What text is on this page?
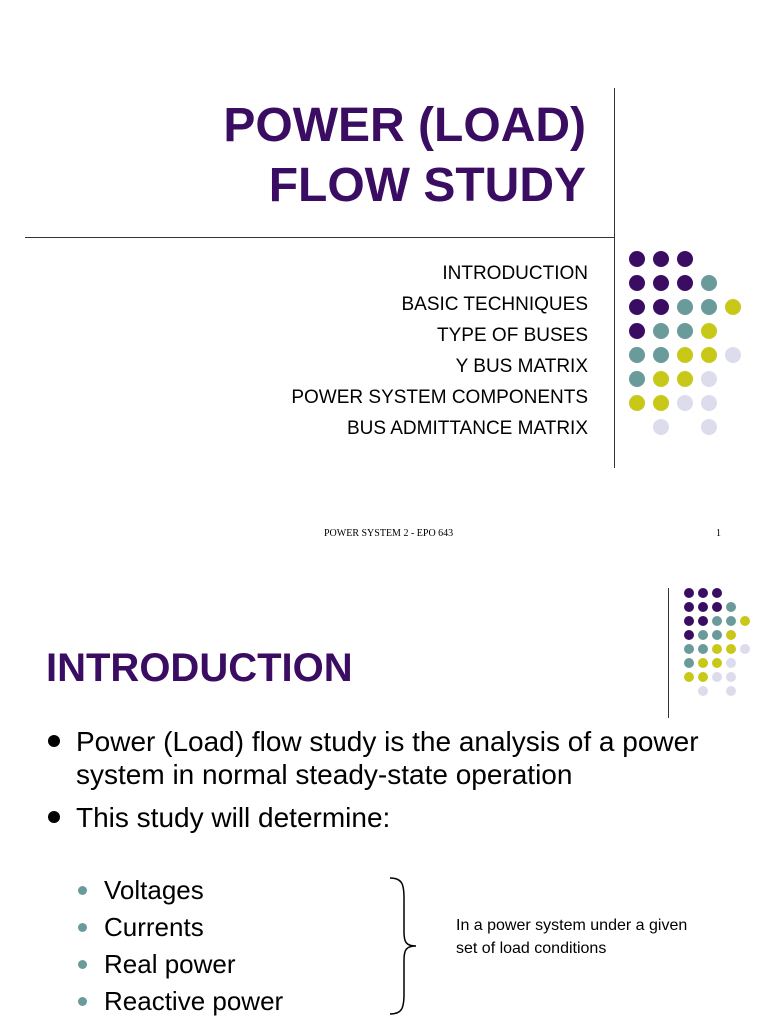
POWER (LOAD)
FLOW STUDY
INTRODUCTION
BASIC TECHNIQUES
TYPE OF BUSES
Y BUS MATRIX
POWER SYSTEM COMPONENTS
BUS ADMITTANCE MATRIX
POWER SYSTEM 2 - EPO 643	1
INTRODUCTION
Power (Load) flow study is the analysis of a power system in normal steady-state operation
This study will determine:
Voltages
Currents
Real power
Reactive power
In a power system under a given set of load conditions
